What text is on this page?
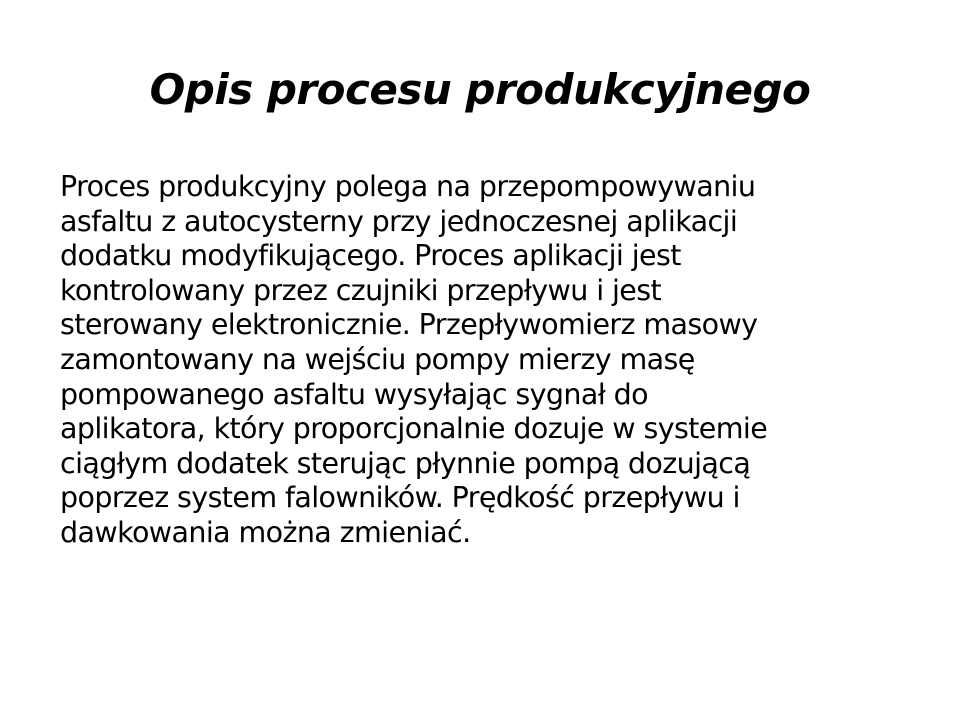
Opis procesu produkcyjnego
Proces produkcyjny polega na przepompowywaniu
asfaltu z autocysterny przy jednoczesnej aplikacji
dodatku modyfikującego. Proces aplikacji jest
kontrolowany przez czujniki przepływu i jest
sterowany elektronicznie. Przepływomierz masowy
zamontowany na wejściu pompy mierzy masę
pompowanego asfaltu wysyłając sygnał do
aplikatora, który proporcjonalnie dozuje w systemie
ciągłym dodatek sterując płynnie pompą dozującą
poprzez system falowników. Prędkość przepływu i
dawkowania można zmieniać.
